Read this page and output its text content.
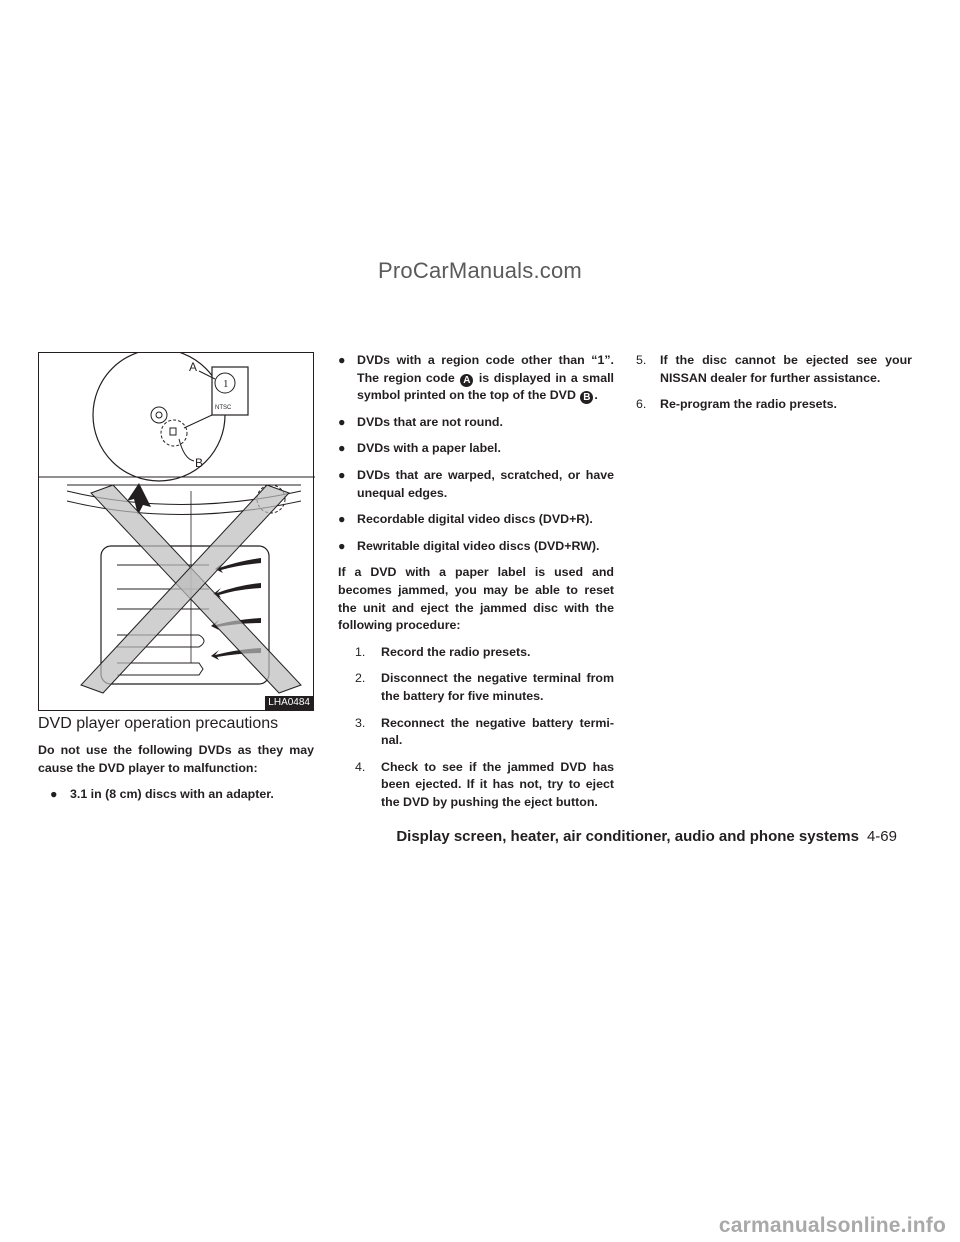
ProCarManuals.com
1
NTSC
A
B
LHA0484
DVD player operation precautions

Do not use the following DVDs as they may cause the DVD player to malfunction:

●	3.1 in (8 cm) discs with an adapter.
● DVDs with a region code other than “1”. The region code A is displayed in a small symbol printed on the top of the DVD B .
● DVDs that are not round.
● DVDs with a paper label.
● DVDs that are warped, scratched, or have unequal edges.
● Recordable digital video discs (DVD+R).
● Rewritable digital video discs (DVD+RW).

If a DVD with a paper label is used and becomes jammed, you may be able to reset the unit and eject the jammed disc with the following procedure:

1. Record the radio presets.
2. Disconnect the negative terminal from the battery for five minutes.
3. Reconnect the negative battery termi-nal.
4. Check to see if the jammed DVD has been ejected. If it has not, try to eject the DVD by pushing the eject button.
5. If the disc cannot be ejected see your NISSAN dealer for further assistance.
6. Re-program the radio presets.
Display screen, heater, air conditioner, audio and phone systems 4-69
carmanualsonline.info
